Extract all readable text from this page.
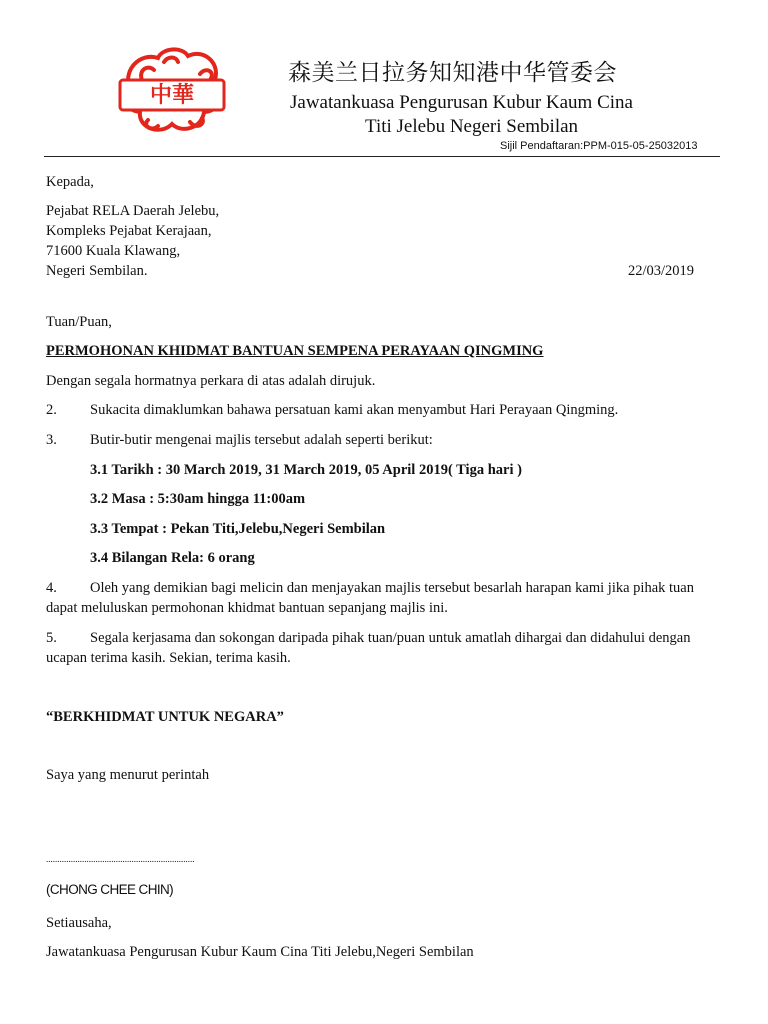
中華
森美兰日拉务知知港中华管委会
Jawatankuasa Pengurusan Kubur Kaum Cina
Titi Jelebu Negeri Sembilan
Sijil Pendaftaran:PPM-015-05-25032013
Kepada,
Pejabat RELA Daerah Jelebu,
Kompleks Pejabat Kerajaan,
71600 Kuala Klawang,
Negeri Sembilan.	22/03/2019
Tuan/Puan,
PERMOHONAN KHIDMAT BANTUAN SEMPENA PERAYAAN QINGMING
Dengan segala hormatnya perkara di atas adalah dirujuk.
2. Sukacita dimaklumkan bahawa persatuan kami akan menyambut Hari Perayaan Qingming.
3. Butir-butir mengenai majlis tersebut adalah seperti berikut:
3.1 Tarikh : 30 March 2019, 31 March 2019, 05 April 2019( Tiga hari )
3.2 Masa : 5:30am hingga 11:00am
3.3 Tempat : Pekan Titi,Jelebu,Negeri Sembilan
3.4 Bilangan Rela: 6 orang
4. Oleh yang demikian bagi melicin dan menjayakan majlis tersebut besarlah harapan kami jika pihak tuan
dapat meluluskan permohonan khidmat bantuan sepanjang majlis ini.
5. Segala kerjasama dan sokongan daripada pihak tuan/puan untuk amatlah dihargai dan didahului dengan
ucapan terima kasih. Sekian, terima kasih.
“BERKHIDMAT UNTUK NEGARA”
Saya yang menurut perintah
..................................................................
(CHONG CHEE CHIN)
Setiausaha,
Jawatankuasa Pengurusan Kubur Kaum Cina Titi Jelebu,Negeri Sembilan
